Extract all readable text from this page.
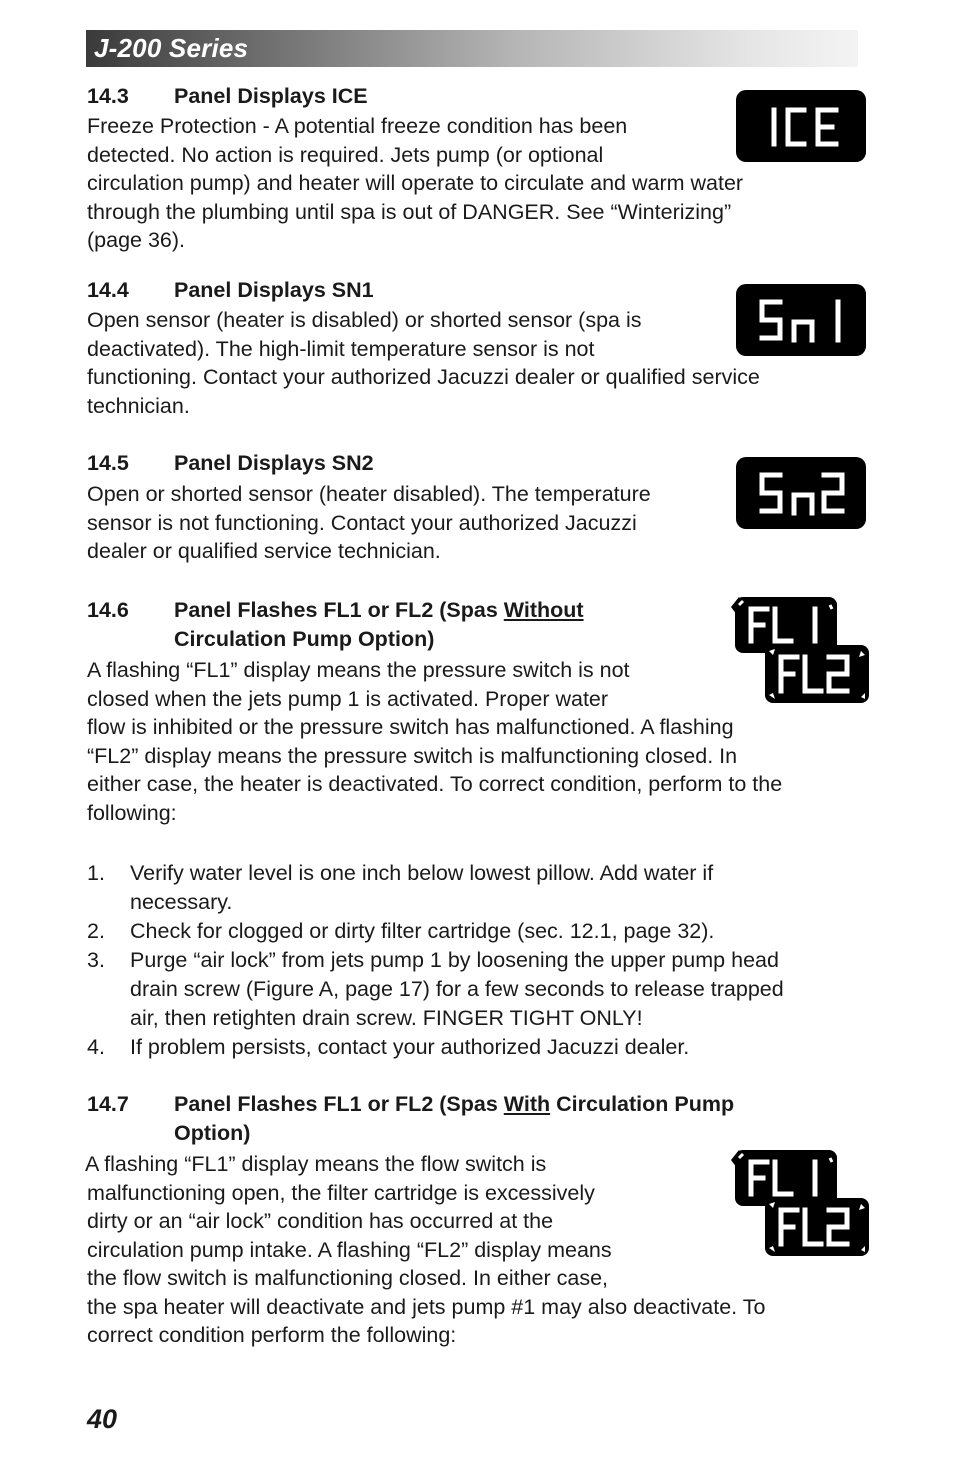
J-200 Series
14.3 Panel Displays ICE
Freeze Protection - A potential freeze condition has been
detected. No action is required. Jets pump (or optional
circulation pump) and heater will operate to circulate and warm water
through the plumbing until spa is out of DANGER. See “Winterizing”
(page 36).
14.4 Panel Displays SN1
Open sensor (heater is disabled) or shorted sensor (spa is
deactivated). The high-limit temperature sensor is not
functioning. Contact your authorized Jacuzzi dealer or qualified service
technician.
14.5 Panel Displays SN2
Open or shorted sensor (heater disabled). The temperature
sensor is not functioning. Contact your authorized Jacuzzi
dealer or qualified service technician.
14.6 Panel Flashes FL1 or FL2 (Spas Without
Circulation Pump Option)
A flashing “FL1” display means the pressure switch is not
closed when the jets pump 1 is activated. Proper water
flow is inhibited or the pressure switch has malfunctioned. A flashing
“FL2” display means the pressure switch is malfunctioning closed. In
either case, the heater is deactivated. To correct condition, perform to the
following:
1. Verify water level is one inch below lowest pillow. Add water if
necessary.
2. Check for clogged or dirty filter cartridge (sec. 12.1, page 32).
3. Purge “air lock” from jets pump 1 by loosening the upper pump head
drain screw (Figure A, page 17) for a few seconds to release trapped
air, then retighten drain screw. FINGER TIGHT ONLY!
4. If problem persists, contact your authorized Jacuzzi dealer.
14.7 Panel Flashes FL1 or FL2 (Spas With Circulation Pump
Option)
A flashing “FL1” display means the flow switch is
malfunctioning open, the filter cartridge is excessively
dirty or an “air lock” condition has occurred at the
circulation pump intake. A flashing “FL2” display means
the flow switch is malfunctioning closed. In either case,
the spa heater will deactivate and jets pump #1 may also deactivate. To
correct condition perform the following:
40
